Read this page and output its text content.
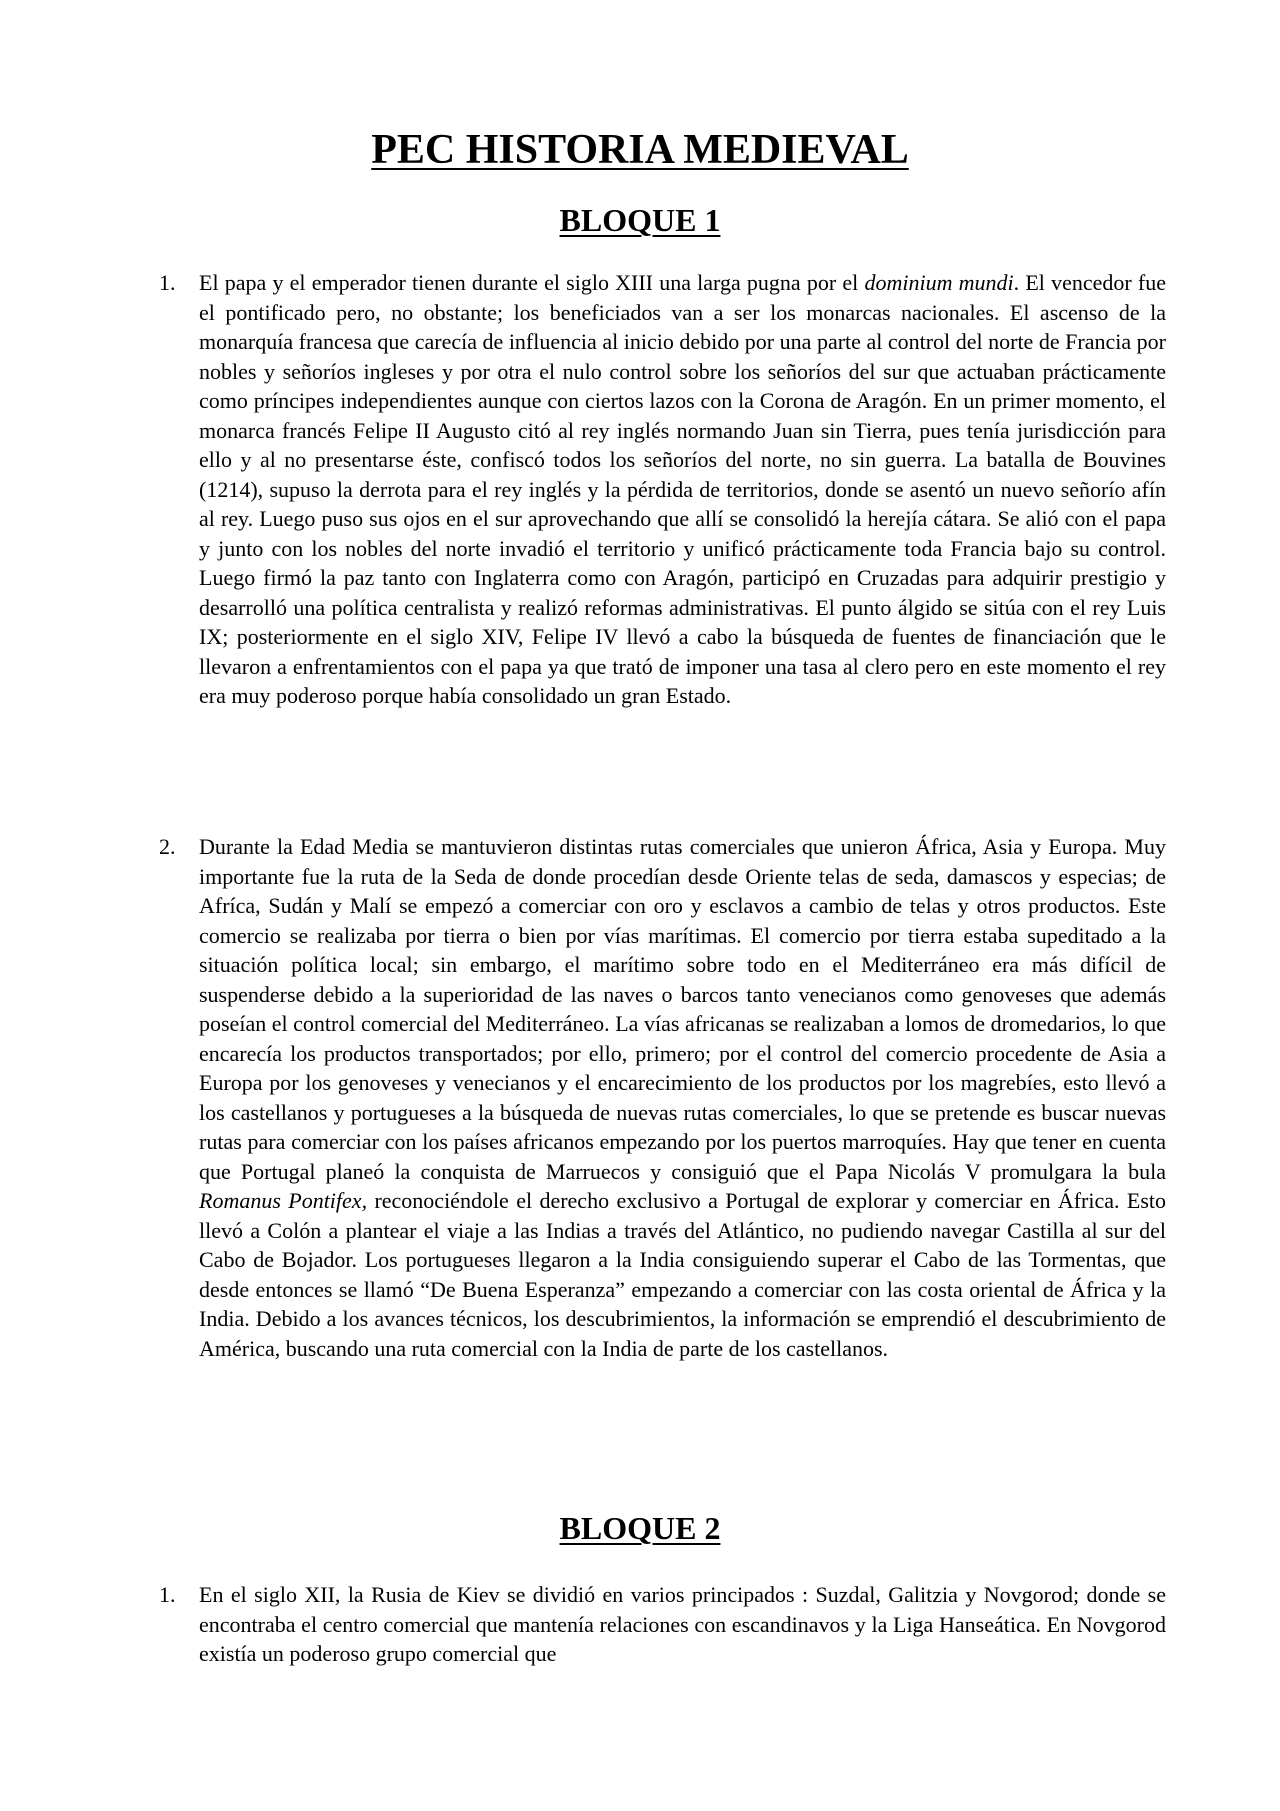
PEC HISTORIA MEDIEVAL
BLOQUE 1
1. El papa y el emperador tienen durante el siglo XIII una larga pugna por el dominium mundi. El vencedor fue el pontificado pero, no obstante; los beneficiados van a ser los monarcas nacionales. El ascenso de la monarquía francesa que carecía de influencia al inicio debido por una parte al control del norte de Francia por nobles y señoríos ingleses y por otra el nulo control sobre los señoríos del sur que actuaban prácticamente como príncipes independientes aunque con ciertos lazos con la Corona de Aragón. En un primer momento, el monarca francés Felipe II Augusto citó al rey inglés normando Juan sin Tierra, pues tenía jurisdicción para ello y al no presentarse éste, confiscó todos los señoríos del norte, no sin guerra. La batalla de Bouvines (1214), supuso la derrota para el rey inglés y la pérdida de territorios, donde se asentó un nuevo señorío afín al rey. Luego puso sus ojos en el sur aprovechando que allí se consolidó la herejía cátara. Se alió con el papa y junto con los nobles del norte invadió el territorio y unificó prácticamente toda Francia bajo su control. Luego firmó la paz tanto con Inglaterra como con Aragón, participó en Cruzadas para adquirir prestigio y desarrolló una política centralista y realizó reformas administrativas. El punto álgido se sitúa con el rey Luis IX; posteriormente en el siglo XIV, Felipe IV llevó a cabo la búsqueda de fuentes de financiación que le llevaron a enfrentamientos con el papa ya que trató de imponer una tasa al clero pero en este momento el rey era muy poderoso porque había consolidado un gran Estado.

2. Durante la Edad Media se mantuvieron distintas rutas comerciales que unieron África, Asia y Europa. Muy importante fue la ruta de la Seda de donde procedían desde Oriente telas de seda, damascos y especias; de Afríca, Sudán y Malí se empezó a comerciar con oro y esclavos a cambio de telas y otros productos. Este comercio se realizaba por tierra o bien por vías marítimas. El comercio por tierra estaba supeditado a la situación política local; sin embargo, el marítimo sobre todo en el Mediterráneo era más difícil de suspenderse debido a la superioridad de las naves o barcos tanto venecianos como genoveses que además poseían el control comercial del Mediterráneo. La vías africanas se realizaban a lomos de dromedarios, lo que encarecía los productos transportados; por ello, primero; por el control del comercio procedente de Asia a Europa por los genoveses y venecianos y el encarecimiento de los productos por los magrebíes, esto llevó a los castellanos y portugueses a la búsqueda de nuevas rutas comerciales, lo que se pretende es buscar nuevas rutas para comerciar con los países africanos empezando por los puertos marroquíes. Hay que tener en cuenta que Portugal planeó la conquista de Marruecos y consiguió que el Papa Nicolás V promulgara la bula Romanus Pontifex, reconociéndole el derecho exclusivo a Portugal de explorar y comerciar en África. Esto llevó a Colón a plantear el viaje a las Indias a través del Atlántico, no pudiendo navegar Castilla al sur del Cabo de Bojador. Los portugueses llegaron a la India consiguiendo superar el Cabo de las Tormentas, que desde entonces se llamó “De Buena Esperanza” empezando a comerciar con las costa oriental de África y la India. Debido a los avances técnicos, los descubrimientos, la información se emprendió el descubrimiento de América, buscando una ruta comercial con la India de parte de los castellanos.

BLOQUE 2
1. En el siglo XII, la Rusia de Kiev se dividió en varios principados : Suzdal, Galitzia y Novgorod; donde se encontraba el centro comercial que mantenía relaciones con escandinavos y la Liga Hanseática. En Novgorod existía un poderoso grupo comercial que
